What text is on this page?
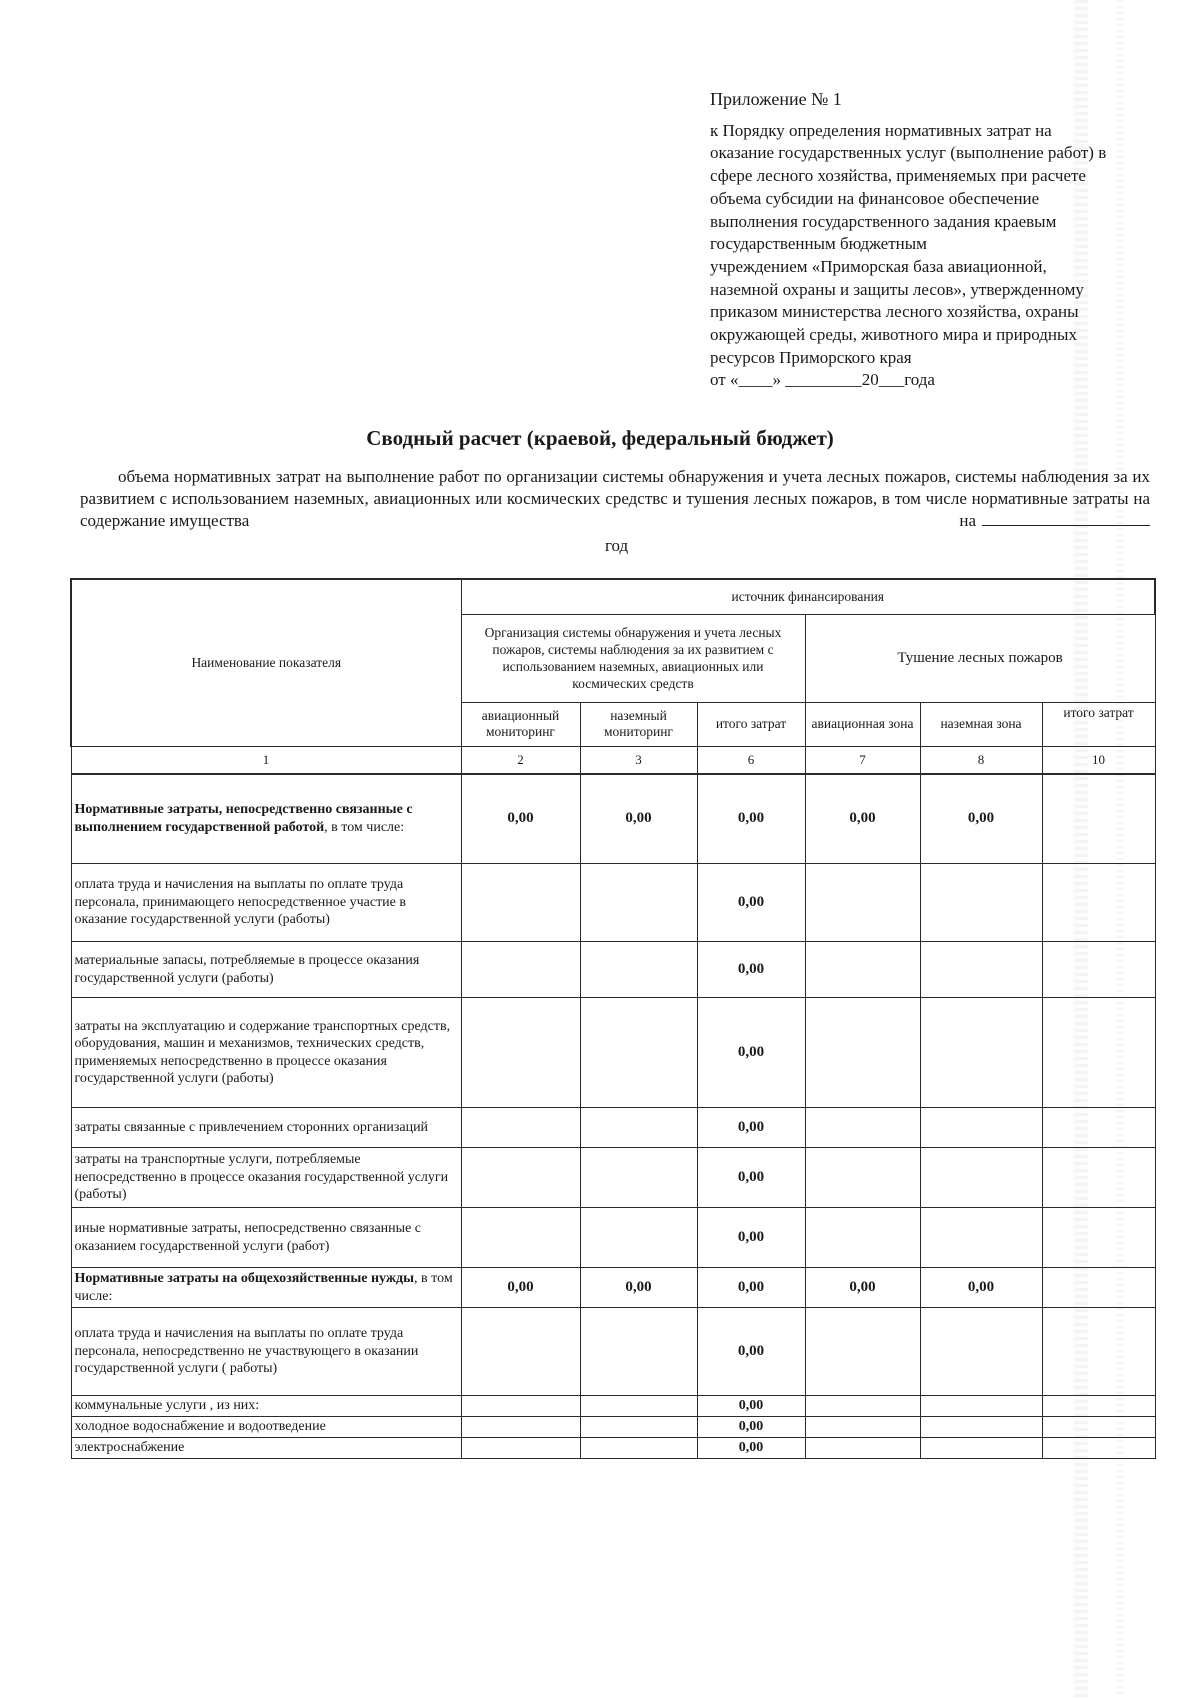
Приложение № 1

к Порядку определения нормативных затрат на

оказание государственных услуг (выполнение работ) в

сфере лесного хозяйства, применяемых при расчете

объема субсидии на финансовое обеспечение

выполнения государственного задания краевым

государственным бюджетным

учреждением «Приморская база авиационной,

наземной охраны и защиты лесов», утвержденному

приказом министерства лесного хозяйства, охраны

окружающей среды, животного мира и природных

ресурсов Приморского края

от «____» _________20___года

Сводный расчет (краевой, федеральный бюджет)
объема нормативных затрат на выполнение работ по организации системы обнаружения и учета лесных пожаров, системы наблюдения за их развитием с использованием наземных, авиационных или космических средствс и тушения лесных пожаров, в том числе нормативные затраты на содержание имущества	на
год
Наименование показателя	источник финансирования					
	Организация системы обнаружения и учета лесных пожаров, системы наблюдения за их развитием с использованием наземных, авиационных или космических средств			Тушение лесных пожаров		
	авиационный мониторинг	наземный мониторинг	итого затрат	авиационная зона	наземная зона	итого затрат
1	2	3	6	7	8	10
Нормативные затраты, непосредственно связанные с выполнением государственной работой, в том числе:	0,00	0,00	0,00	0,00	0,00	
оплата труда и начисления на выплаты по оплате труда персонала, принимающего непосредственное участие в оказание государственной услуги (работы)			0,00			
материальные запасы, потребляемые в процессе оказания государственной услуги (работы)			0,00			
затраты на эксплуатацию и содержание транспортных средств, оборудования, машин и механизмов, технических средств, применяемых непосредственно в процессе оказания государственной услуги (работы)			0,00			
затраты связанные с привлечением сторонних организаций			0,00			
затраты на транспортные услуги, потребляемые непосредственно в процессе оказания государственной услуги (работы)			0,00			
иные нормативные затраты, непосредственно связанные с оказанием государственной услуги (работ)			0,00			
Нормативные затраты на общехозяйственные нужды, в том числе:	0,00	0,00	0,00	0,00	0,00	
оплата труда и начисления на выплаты по оплате труда персонала, непосредственно не участвующего в оказании государственной услуги ( работы)			0,00			
коммунальные услуги , из них:			0,00			
холодное водоснабжение и водоотведение			0,00			
электроснабжение			0,00			
